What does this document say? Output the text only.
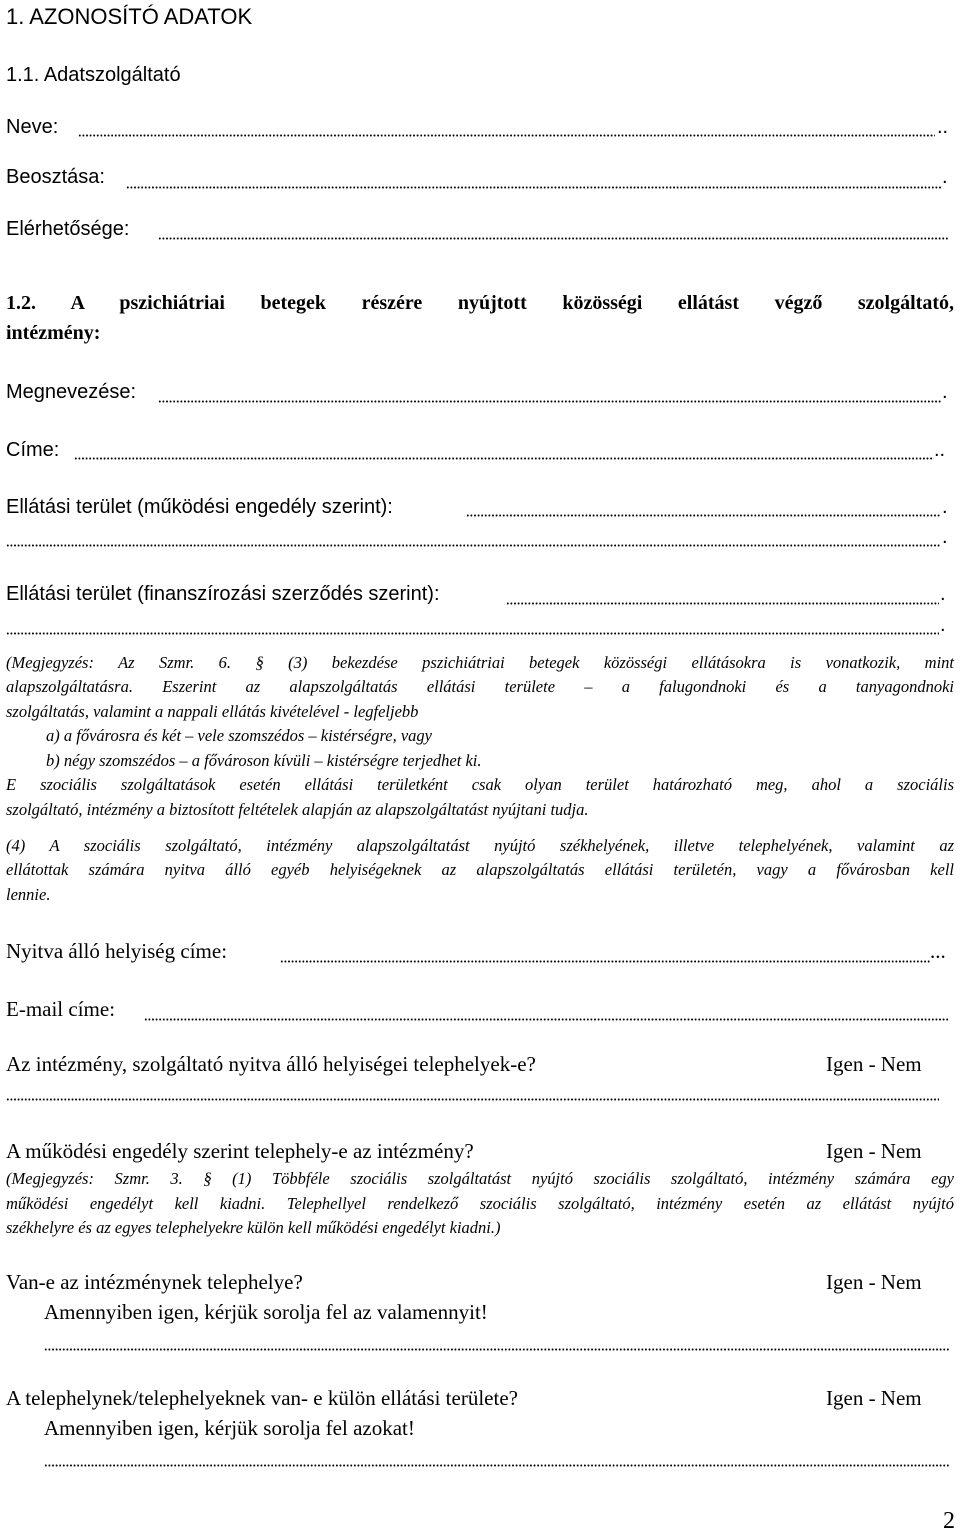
1. AZONOSÍTÓ ADATOK
1.1. Adatszolgáltató
Neve:	..
Beosztása:	.
Elérhetősége:
1.2. A pszichiátriai betegek részére nyújtott közösségi ellátást végző szolgáltató,
intézmény:
Megnevezése:	.
Címe:	..
Ellátási terület (működési engedély szerint):	.
.
Ellátási terület (finanszírozási szerződés szerint):	.
.
(Megjegyzés: Az Szmr. 6. § (3) bekezdése pszichiátriai betegek közösségi ellátásokra is vonatkozik, mint
alapszolgáltatásra. Eszerint az alapszolgáltatás ellátási területe – a falugondnoki és a tanyagondnoki
szolgáltatás, valamint a nappali ellátás kivételével - legfeljebb
a) a fővárosra és két – vele szomszédos – kistérségre, vagy
b) négy szomszédos – a fővároson kívüli – kistérségre terjedhet ki.
E szociális szolgáltatások esetén ellátási területként csak olyan terület határozható meg, ahol a szociális
szolgáltató, intézmény a biztosított feltételek alapján az alapszolgáltatást nyújtani tudja.
(4) A szociális szolgáltató, intézmény alapszolgáltatást nyújtó székhelyének, illetve telephelyének, valamint az
ellátottak számára nyitva álló egyéb helyiségeknek az alapszolgáltatás ellátási területén, vagy a fővárosban kell
lennie.
Nyitva álló helyiség címe:	...
E-mail címe:
Az intézmény, szolgáltató nyitva álló helyiségei telephelyek-e?	Igen - Nem
A működési engedély szerint telephely-e az intézmény?	Igen - Nem
(Megjegyzés: Szmr. 3. § (1) Többféle szociális szolgáltatást nyújtó szociális szolgáltató, intézmény számára egy
működési engedélyt kell kiadni. Telephellyel rendelkező szociális szolgáltató, intézmény esetén az ellátást nyújtó
székhelyre és az egyes telephelyekre külön kell működési engedélyt kiadni.)
Van-e az intézménynek telephelye?	Igen - Nem
Amennyiben igen, kérjük sorolja fel az valamennyit!
A telephelynek/telephelyeknek van- e külön ellátási területe?	Igen - Nem
Amennyiben igen, kérjük sorolja fel azokat!
2
